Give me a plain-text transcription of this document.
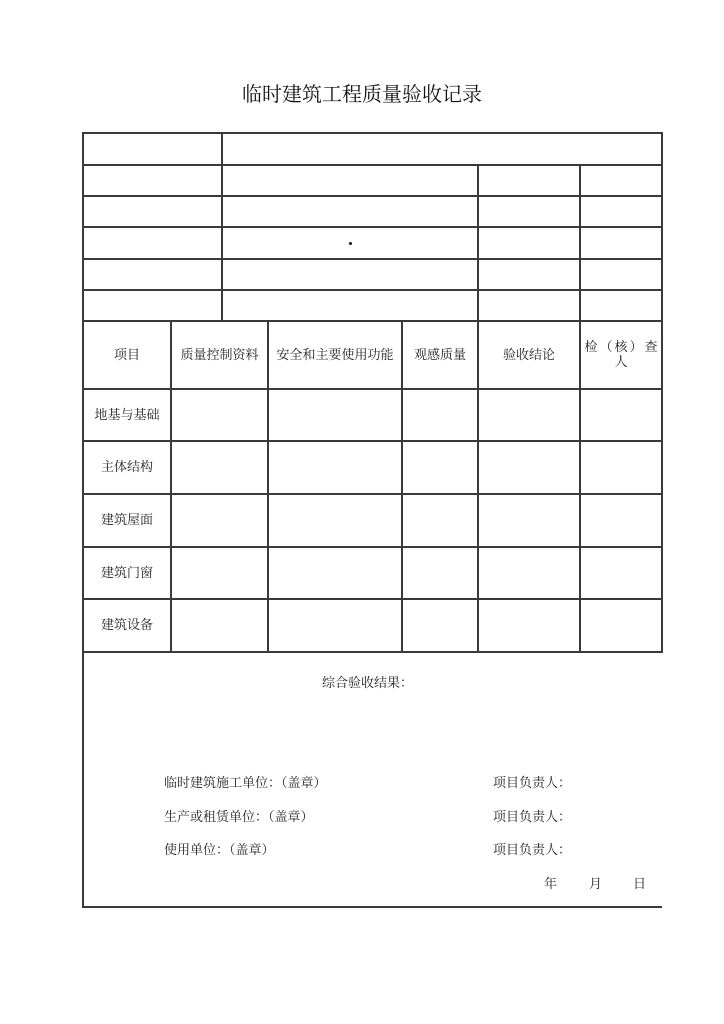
临时建筑工程质量验收记录
项目	质量控制资料	安全和主要使用功能	观感质量	验收结论	检（核）查人
地基与基础
主体结构
建筑屋面
建筑门窗
建筑设备
综合验收结果：
临时建筑施工单位：（盖章）	项目负责人：
生产或租赁单位：（盖章）	项目负责人：
使用单位：（盖章）	项目负责人：
年 月 日
